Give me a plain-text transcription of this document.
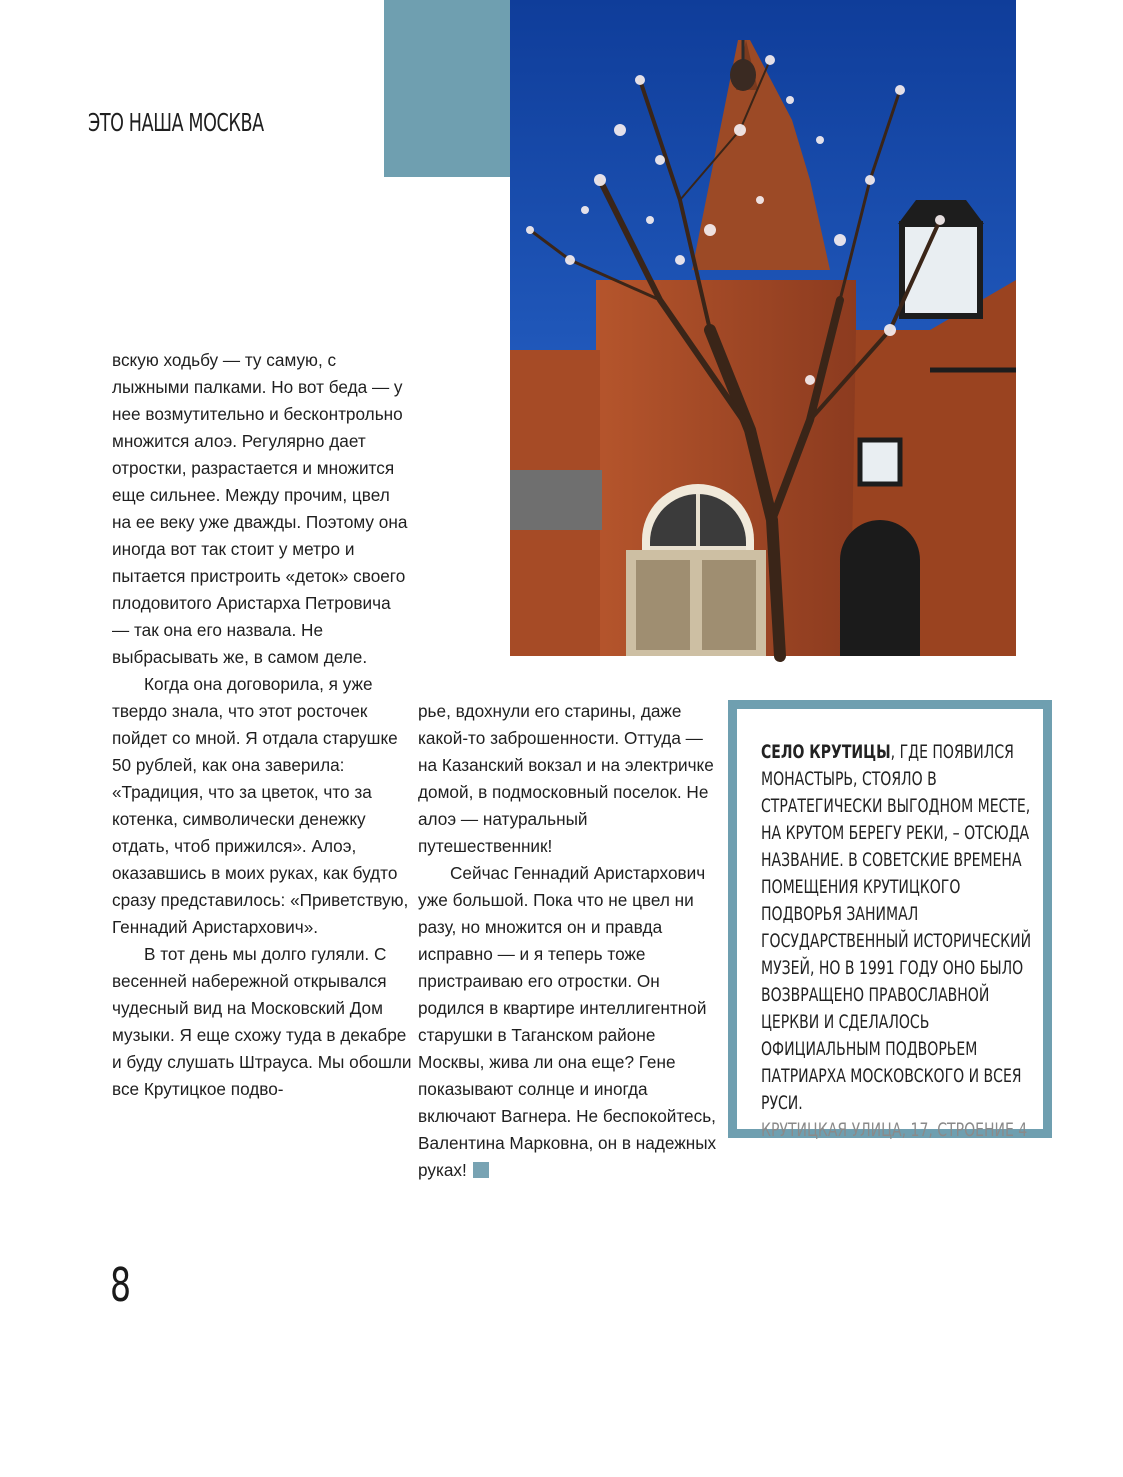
ЭТО НАША МОСКВА

вскую ходьбу — ту самую, с лыжными палками. Но вот беда — у нее возмутительно и бесконтрольно множится алоэ. Регулярно дает отростки, разрастается и множится еще сильнее. Между прочим, цвел на ее веку уже дважды. Поэтому она иногда вот так стоит у метро и пытается пристроить «деток» своего плодовитого Аристарха Петровича — так она его назвала. Не выбрасывать же, в самом деле.

Когда она договорила, я уже твердо знала, что этот росточек пойдет со мной. Я отдала старушке 50 рублей, как она заверила: «Традиция, что за цветок, что за котенка, символически денежку отдать, чтоб прижился». Алоэ, оказавшись в моих руках, как будто сразу представилось: «Приветствую, Геннадий Аристархович».

В тот день мы долго гуляли. С весенней набережной открывался чудесный вид на Московский Дом музыки. Я еще схожу туда в декабре и буду слушать Штрауса. Мы обошли все Крутицкое подво-

рье, вдохнули его старины, даже какой-то заброшенности. Оттуда — на Казанский вокзал и на электричке домой, в подмосковный поселок. Не алоэ — натуральный путешественник!

Сейчас Геннадий Аристархович уже большой. Пока что не цвел ни разу, но множится он и правда исправно — и я теперь тоже пристраиваю его отростки. Он родился в квартире интеллигентной старушки в Таганском районе Москвы, жива ли она еще? Гене показывают солнце и иногда включают Вагнера. Не беспокойтесь, Валентина Марковна, он в надежных руках!

СЕЛО КРУТИЦЫ, ГДЕ ПОЯВИЛСЯ МОНАСТЫРЬ, СТОЯЛО В СТРАТЕГИЧЕСКИ ВЫГОДНОМ МЕСТЕ, НА КРУТОМ БЕРЕГУ РЕКИ, – ОТСЮДА НАЗВАНИЕ. В СОВЕТСКИЕ ВРЕМЕНА ПОМЕЩЕНИЯ КРУТИЦКОГО ПОДВОРЬЯ ЗАНИМАЛ ГОСУДАРСТВЕННЫЙ ИСТОРИЧЕСКИЙ МУЗЕЙ, НО В 1991 ГОДУ ОНО БЫЛО ВОЗВРАЩЕНО ПРАВОСЛАВНОЙ ЦЕРКВИ И СДЕЛАЛОСЬ ОФИЦИАЛЬНЫМ ПОДВОРЬЕМ ПАТРИАРХА МОСКОВСКОГО И ВСЕЯ РУСИ.
КРУТИЦКАЯ УЛИЦА, 17, СТРОЕНИЕ 4
8
